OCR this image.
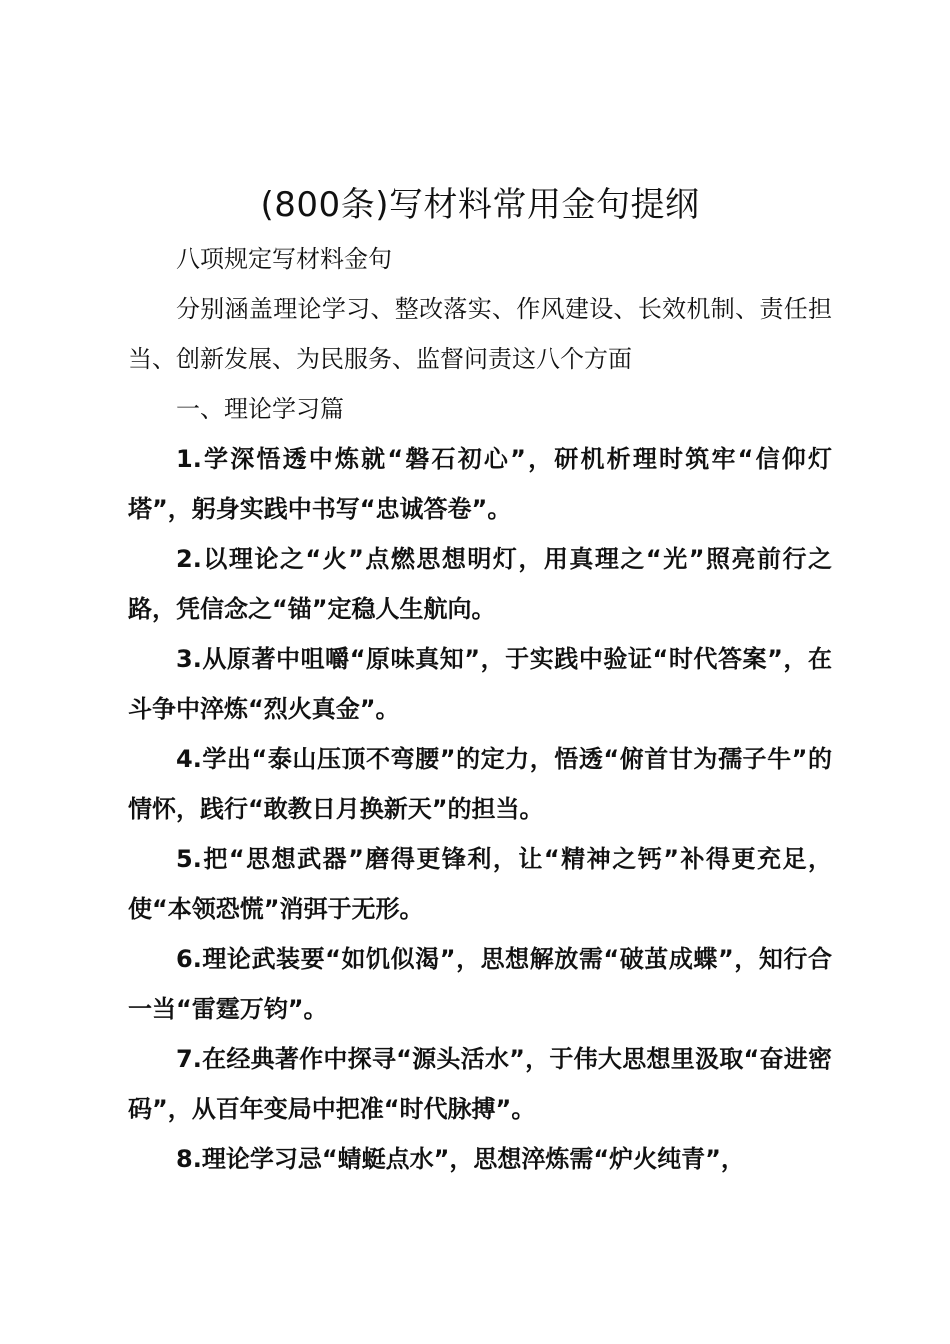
(800条)写材料常用金句提纲

八项规定写材料金句

分别涵盖理论学习、整改落实、作风建设、长效机制、责任担当、创新发展、为民服务、监督问责这八个方面

一、理论学习篇

1.学深悟透中炼就“磐石初心”，研机析理时筑牢“信仰灯塔”，躬身实践中书写“忠诚答卷”。

2.以理论之“火”点燃思想明灯，用真理之“光”照亮前行之路，凭信念之“锚”定稳人生航向。

3.从原著中咀嚼“原味真知”，于实践中验证“时代答案”，在斗争中淬炼“烈火真金”。

4.学出“泰山压顶不弯腰”的定力，悟透“俯首甘为孺子牛”的情怀，践行“敢教日月换新天”的担当。

5.把“思想武器”磨得更锋利，让“精神之钙”补得更充足，使“本领恐慌”消弭于无形。

6.理论武装要“如饥似渴”，思想解放需“破茧成蝶”，知行合一当“雷霆万钧”。

7.在经典著作中探寻“源头活水”，于伟大思想里汲取“奋进密码”，从百年变局中把准“时代脉搏”。

8.理论学习忌“蜻蜓点水”，思想淬炼需“炉火纯青”，
